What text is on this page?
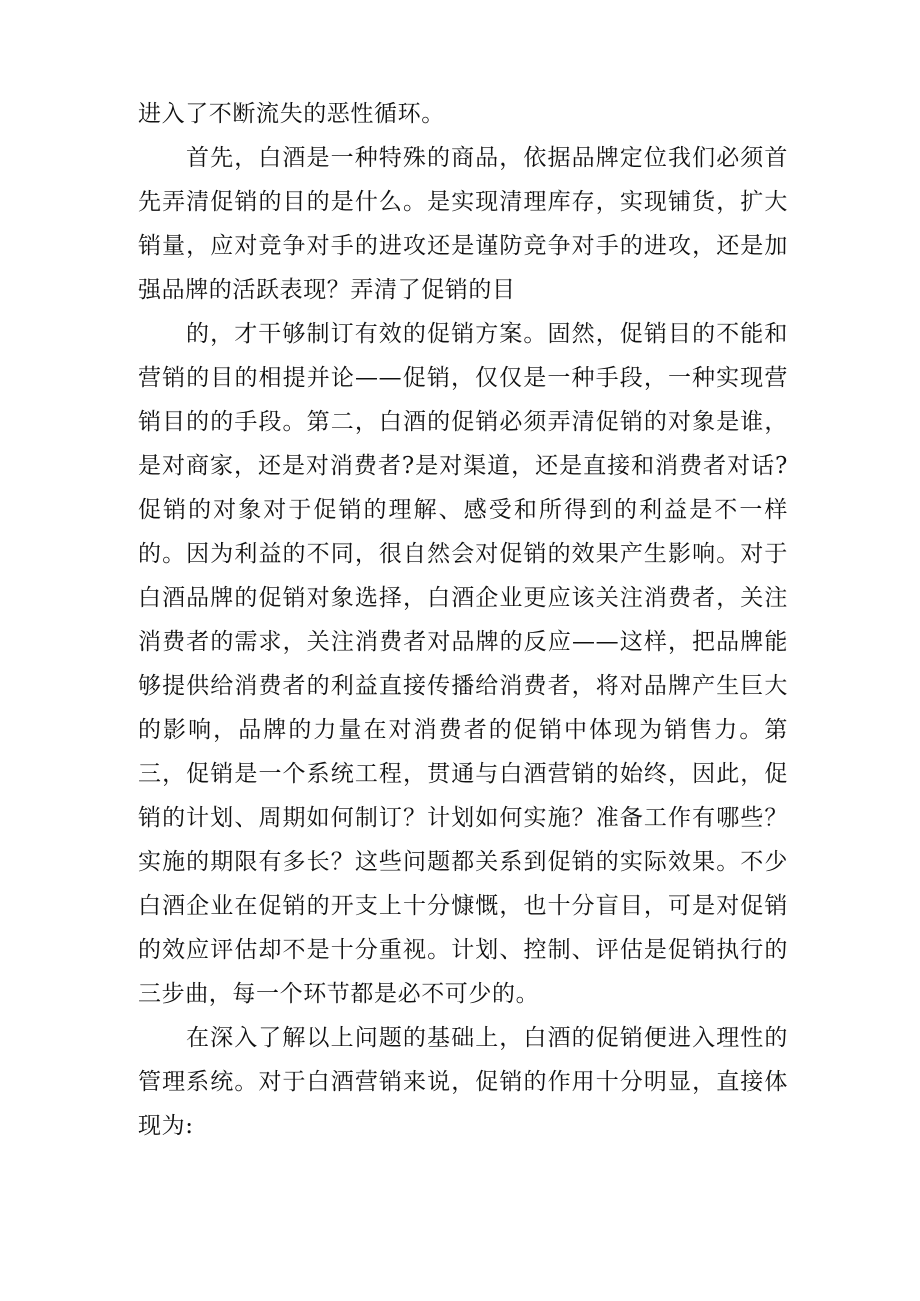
进入了不断流失的恶性循环。

首先，白酒是一种特殊的商品，依据品牌定位我们必须首先弄清促销的目的是什么。是实现清理库存，实现铺货，扩大销量，应对竞争对手的进攻还是谨防竞争对手的进攻，还是加强品牌的活跃表现？弄清了促销的目

的，才干够制订有效的促销方案。固然，促销目的不能和营销的目的相提并论——促销，仅仅是一种手段，一种实现营销目的的手段。第二，白酒的促销必须弄清促销的对象是谁，是对商家，还是对消费者?是对渠道，还是直接和消费者对话?促销的对象对于促销的理解、感受和所得到的利益是不一样的。因为利益的不同，很自然会对促销的效果产生影响。对于白酒品牌的促销对象选择，白酒企业更应该关注消费者，关注消费者的需求，关注消费者对品牌的反应——这样，把品牌能够提供给消费者的利益直接传播给消费者，将对品牌产生巨大的影响，品牌的力量在对消费者的促销中体现为销售力。第三，促销是一个系统工程，贯通与白酒营销的始终，因此，促销的计划、周期如何制订？计划如何实施？准备工作有哪些？实施的期限有多长？这些问题都关系到促销的实际效果。不少白酒企业在促销的开支上十分慷慨，也十分盲目，可是对促销的效应评估却不是十分重视。计划、控制、评估是促销执行的三步曲，每一个环节都是必不可少的。

在深入了解以上问题的基础上，白酒的促销便进入理性的管理系统。对于白酒营销来说，促销的作用十分明显，直接体现为:
